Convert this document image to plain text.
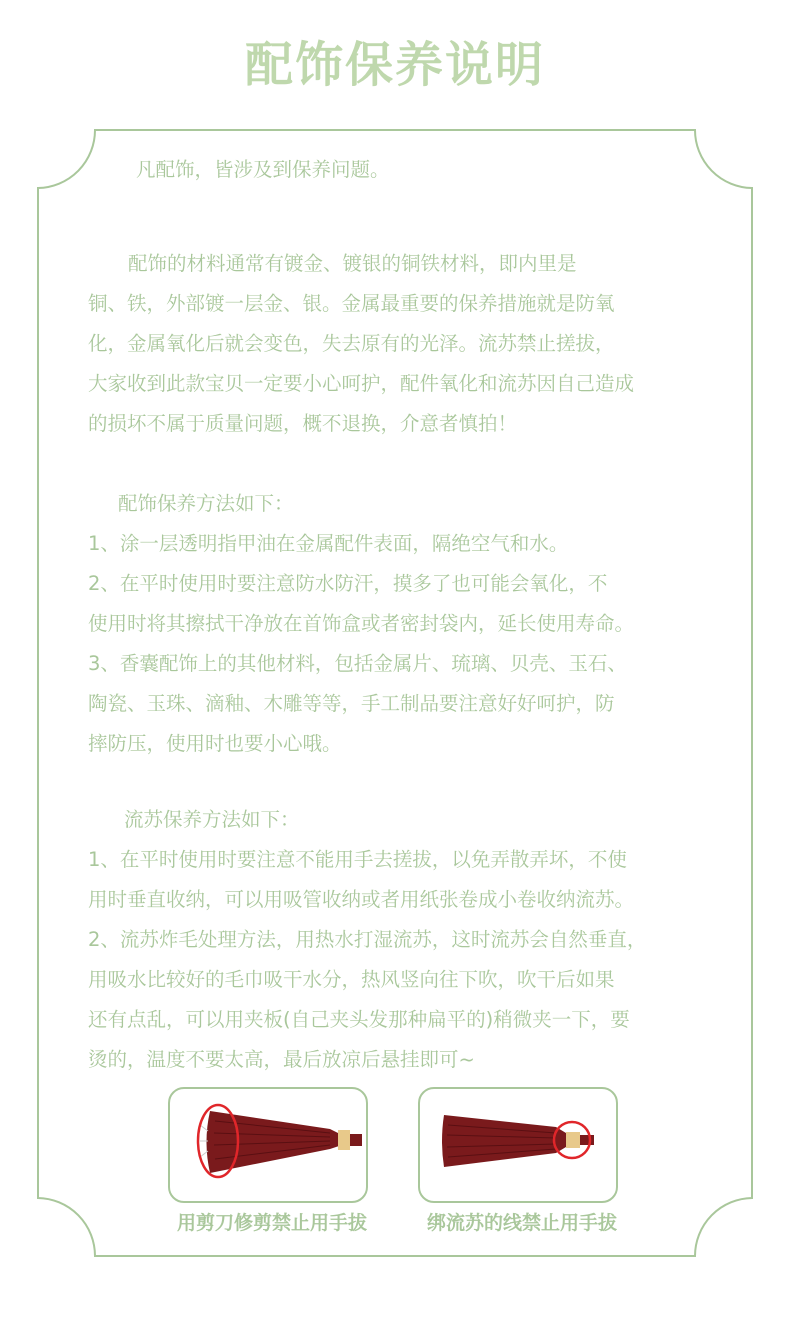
配饰保养说明

凡配饰，皆涉及到保养问题。

配饰的材料通常有镀金、镀银的铜铁材料，即内里是

铜、铁，外部镀一层金、银。金属最重要的保养措施就是防氧

化，金属氧化后就会变色，失去原有的光泽。流苏禁止搓拔，

大家收到此款宝贝一定要小心呵护，配件氧化和流苏因自己造成

的损坏不属于质量问题，概不退换，介意者慎拍！

配饰保养方法如下：

1、涂一层透明指甲油在金属配件表面，隔绝空气和水。

2、在平时使用时要注意防水防汗，摸多了也可能会氧化，不

使用时将其擦拭干净放在首饰盒或者密封袋内，延长使用寿命。

3、香囊配饰上的其他材料，包括金属片、琉璃、贝壳、玉石、

陶瓷、玉珠、滴釉、木雕等等，手工制品要注意好好呵护，防

摔防压，使用时也要小心哦。

流苏保养方法如下：

1、在平时使用时要注意不能用手去搓拔，以免弄散弄坏，不使

用时垂直收纳，可以用吸管收纳或者用纸张卷成小卷收纳流苏。

2、流苏炸毛处理方法，用热水打湿流苏，这时流苏会自然垂直，

用吸水比较好的毛巾吸干水分，热风竖向往下吹，吹干后如果

还有点乱，可以用夹板(自己夹头发那种扁平的)稍微夹一下，要

烫的，温度不要太高，最后放凉后悬挂即可~

用剪刀修剪禁止用手拔	绑流苏的线禁止用手拔
